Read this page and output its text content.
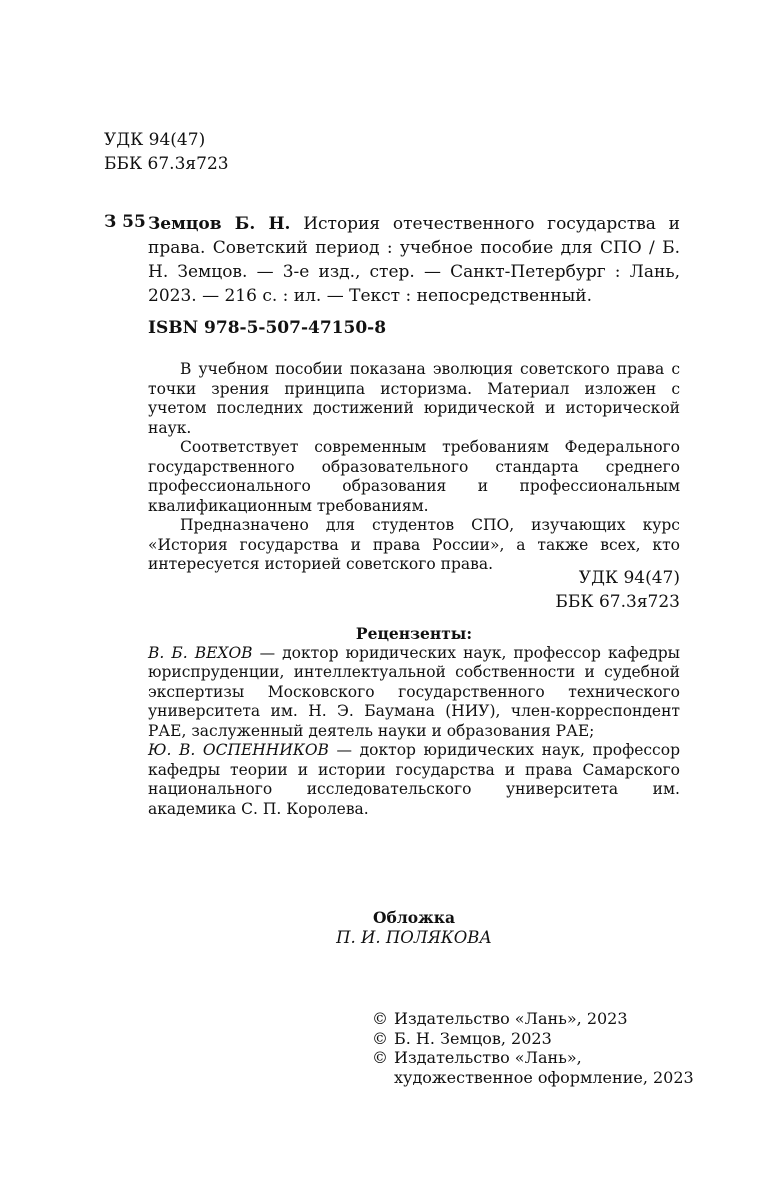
УДК 94(47)
ББК 67.3я723
З 55 Земцов Б. Н. История отечественного государства и права. Советский период : учебное пособие для СПО / Б. Н. Земцов. — 3-е изд., стер. — Санкт-Петербург : Лань, 2023. — 216 с. : ил. — Текст : непосредственный.
ISBN 978-5-507-47150-8

В учебном пособии показана эволюция советского права с точки зрения принципа историзма. Материал изложен с учетом последних достижений юридической и исторической наук.

Соответствует современным требованиям Федерального государственного образовательного стандарта среднего профессионального образования и профессиональным квалификационным требованиям.

Предназначено для студентов СПО, изучающих курс «История государства и права России», а также всех, кто интересуется историей советского права.

УДК 94(47)
ББК 67.3я723
Рецензенты:
В. Б. ВЕХОВ — доктор юридических наук, профессор кафедры юриспруденции, интеллектуальной собственности и судебной экспертизы Московского государственного технического университета им. Н. Э. Баумана (НИУ), член-корреспондент РАЕ, заслуженный деятель науки и образования РАЕ;
Ю. В. ОСПЕННИКОВ — доктор юридических наук, профессор кафедры теории и истории государства и права Самарского национального исследовательского университета им. академика С. П. Королева.
Обложка
П. И. ПОЛЯКОВА
© Издательство «Лань», 2023
© Б. Н. Земцов, 2023
© Издательство «Лань»,
художественное оформление, 2023
